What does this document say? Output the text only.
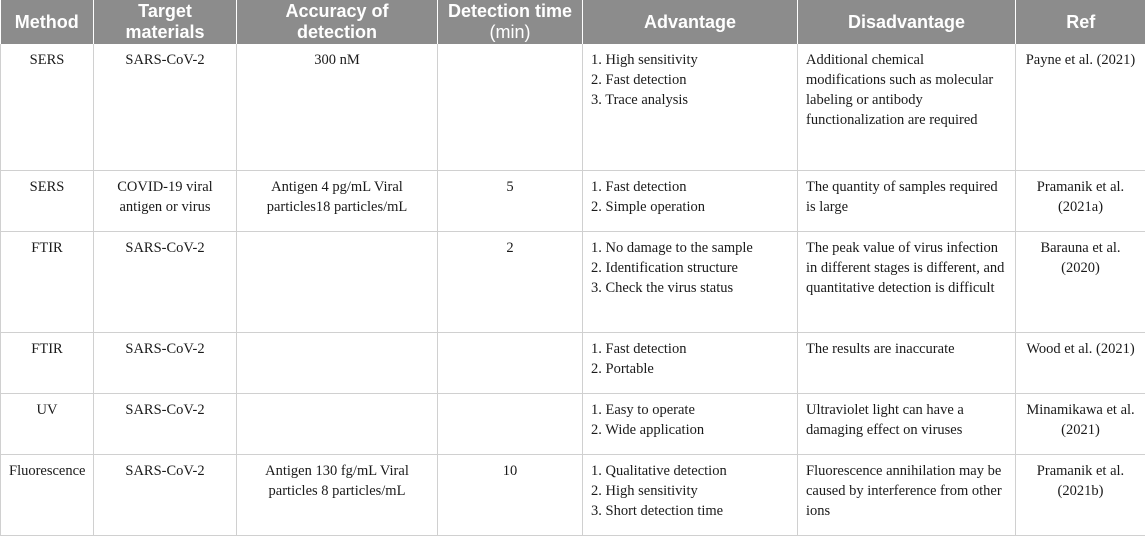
Method	Target materials	Accuracy of detection	Detection time (min)	Advantage	Disadvantage	Ref
SERS	SARS-CoV-2	300 nM		1. High sensitivity
2. Fast detection
3. Trace analysis	Additional chemical modifications such as molecular labeling or antibody functionalization are required	Payne et al. (2021)
SERS	COVID-19 viral antigen or virus	Antigen 4 pg/mL Viral particles18 particles/mL	5	1. Fast detection
2. Simple operation	The quantity of samples required is large	Pramanik et al. (2021a)
FTIR	SARS-CoV-2		2	1. No damage to the sample
2. Identification structure
3. Check the virus status	The peak value of virus infection in different stages is different, and quantitative detection is difficult	Barauna et al. (2020)
FTIR	SARS-CoV-2			1. Fast detection
2. Portable	The results are inaccurate	Wood et al. (2021)
UV	SARS-CoV-2			1. Easy to operate
2. Wide application	Ultraviolet light can have a damaging effect on viruses	Minamikawa et al. (2021)
Fluorescence	SARS-CoV-2	Antigen 130 fg/mL Viral particles 8 particles/mL	10	1. Qualitative detection
2. High sensitivity
3. Short detection time	Fluorescence annihilation may be caused by interference from other ions	Pramanik et al. (2021b)
